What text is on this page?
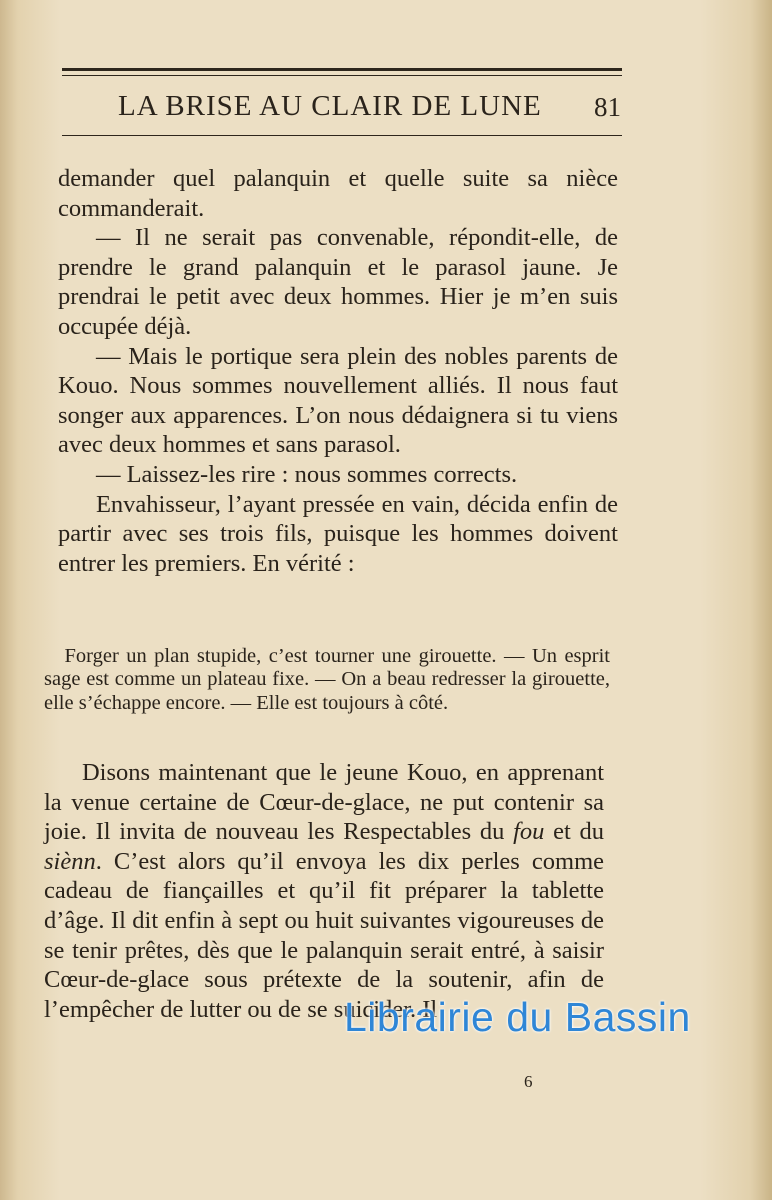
LA BRISE AU CLAIR DE LUNE 81

demander quel palanquin et quelle suite sa nièce commanderait.

— Il ne serait pas convenable, répondit-elle, de prendre le grand palanquin et le parasol jaune. Je prendrai le petit avec deux hommes. Hier je m’en suis occupée déjà.

— Mais le portique sera plein des nobles parents de Kouo. Nous sommes nouvellement alliés. Il nous faut songer aux apparences. L’on nous dédaignera si tu viens avec deux hommes et sans parasol.

— Laissez-les rire : nous sommes corrects.

Envahisseur, l’ayant pressée en vain, décida enfin de partir avec ses trois fils, puisque les hommes doivent entrer les premiers. En vérité :

Forger un plan stupide, c’est tourner une girouette. — Un esprit sage est comme un plateau fixe. — On a beau redresser la girouette, elle s’échappe encore. — Elle est toujours à côté.

Disons maintenant que le jeune Kouo, en apprenant la venue certaine de Cœur-de-glace, ne put contenir sa joie. Il invita de nouveau les Respectables du fou et du siènn. C’est alors qu’il envoya les dix perles comme cadeau de fiançailles et qu’il fit préparer la tablette d’âge. Il dit enfin à sept ou huit suivantes vigoureuses de se tenir prêtes, dès que le palanquin serait entré, à saisir Cœur-de-glace sous prétexte de la soutenir, afin de l’empêcher de lutter ou de se suicider. Il

6
Librairie du Bassin
